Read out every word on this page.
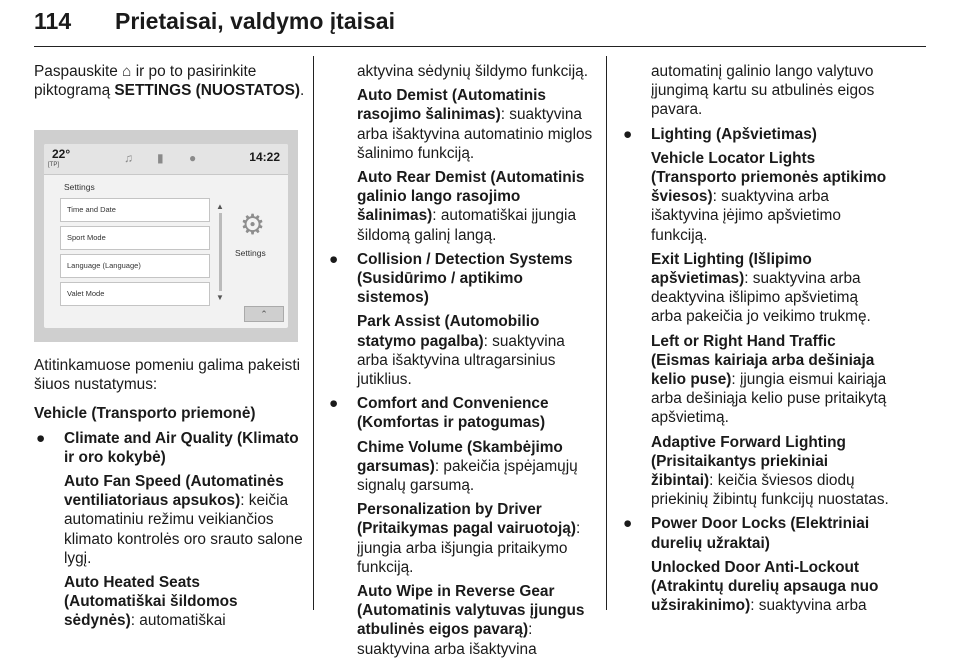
114 Prietaisai, valdymo įtaisai

Paspauskite ⌂ ir po to pasirinkite piktogramą SETTINGS (NUOSTATOS).

22°
[TP]	♫ ▮ ●	14:22
Settings
Time and Date
Sport Mode
Language (Language)
Valet Mode
▲
▼
⚙
Settings
⌃

Atitinkamuose pomeniu galima pakeisti šiuos nustatymus:

Vehicle (Transporto priemonė)

● Climate and Air Quality (Klimato ir oro kokybė)

Auto Fan Speed (Automatinės ventiliatoriaus apsukos): keičia automatiniu režimu veikiančios klimato kontrolės oro srauto salone lygį.

Auto Heated Seats (Automatiškai šildomos sėdynės): automatiškai

aktyvina sėdynių šildymo funkciją.

Auto Demist (Automatinis rasojimo šalinimas): suaktyvina arba išaktyvina automatinio miglos šalinimo funkciją.

Auto Rear Demist (Automatinis galinio lango rasojimo šalinimas): automatiškai įjungia šildomą galinį langą.

● Collision / Detection Systems (Susidūrimo / aptikimo sistemos)

Park Assist (Automobilio statymo pagalba): suaktyvina arba išaktyvina ultragarsinius jutiklius.

● Comfort and Convenience (Komfortas ir patogumas)

Chime Volume (Skambėjimo garsumas): pakeičia įspėjamųjų signalų garsumą.

Personalization by Driver (Pritaikymas pagal vairuotoją): įjungia arba išjungia pritaikymo funkciją.

Auto Wipe in Reverse Gear (Automatinis valytuvas įjungus atbulinės eigos pavarą): suaktyvina arba išaktyvina

automatinį galinio lango valytuvo įjungimą kartu su atbulinės eigos pavara.

● Lighting (Apšvietimas)

Vehicle Locator Lights (Transporto priemonės aptikimo šviesos): suaktyvina arba išaktyvina įėjimo apšvietimo funkciją.

Exit Lighting (Išlipimo apšvietimas): suaktyvina arba deaktyvina išlipimo apšvietimą arba pakeičia jo veikimo trukmę.

Left or Right Hand Traffic (Eismas kairiaja arba dešiniaja kelio puse): įjungia eismui kairiąja arba dešiniąja kelio puse pritaikytą apšvietimą.

Adaptive Forward Lighting (Prisitaikantys priekiniai žibintai): keičia šviesos diodų priekinių žibintų funkcijų nuostatas.

● Power Door Locks (Elektriniai durelių užraktai)

Unlocked Door Anti-Lockout (Atrakintų durelių apsauga nuo užsirakinimo): suaktyvina arba
